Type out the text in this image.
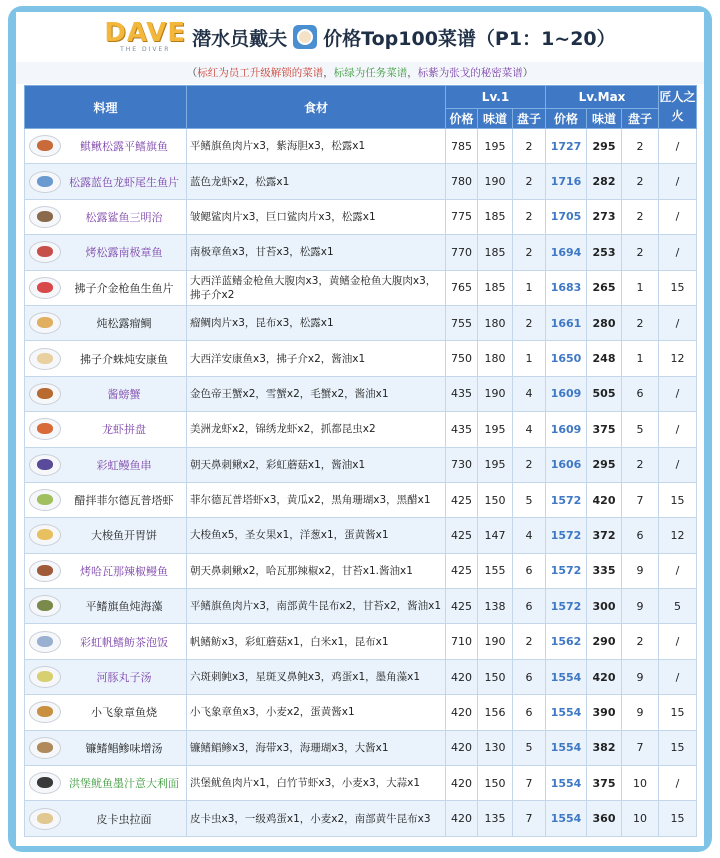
DAVE
THE DIVER 潜水员戴夫 价格Top100菜谱（P1：1~20）
（标红为员工升级解锁的菜谱，标绿为任务菜谱，标紫为张戈的秘密菜谱）
料理	食材	Lv.1			Lv.Max			匠人之火
		价格	味道	盘子	价格	味道	盘子	

鲯鳅松露平鳍旗鱼	平鳍旗鱼肉片x3，紫海胆x3，松露x1	785	195	2	1727	295	2	/

松露蓝色龙虾尾生鱼片	蓝色龙虾x2，松露x1	780	190	2	1716	282	2	/

松露鲨鱼三明治	皱鳃鲨肉片x3，巨口鲨肉片x3，松露x1	775	185	2	1705	273	2	/

烤松露南极章鱼	南极章鱼x3，甘苔x3，松露x1	770	185	2	1694	253	2	/

拂子介金枪鱼生鱼片	大西洋蓝鳍金枪鱼大腹肉x3，黄鳍金枪鱼大腹肉x3，拂子介x2	765	185	1	1683	265	1	15

炖松露瘤鲷	瘤鲷肉片x3，昆布x3，松露x1	755	180	2	1661	280	2	/

拂子介蛛炖安康鱼	大西洋安康鱼x3，拂子介x2，酱油x1	750	180	1	1650	248	1	12

酱螃蟹	金色帝王蟹x2，雪蟹x2，毛蟹x2，酱油x1	435	190	4	1609	505	6	/

龙虾拼盘	美洲龙虾x2，锦绣龙虾x2，抓都昆虫x2	435	195	4	1609	375	5	/

彩虹鳗鱼串	朝天鼻刺鳅x2，彩虹蘑菇x1，酱油x1	730	195	2	1606	295	2	/

醋拌菲尔德瓦普塔虾	菲尔德瓦普塔虾x3，黄瓜x2，黑角珊瑚x3，黑醋x1	425	150	5	1572	420	7	15

大梭鱼开胃饼	大梭鱼x5，圣女果x1，洋葱x1，蛋黄酱x1	425	147	4	1572	372	6	12

烤哈瓦那辣椒鳗鱼	朝天鼻刺鳅x2，哈瓦那辣椒x2，甘苔x1.酱油x1	425	155	6	1572	335	9	/

平鳍旗鱼炖海藻	平鳍旗鱼肉片x3，南部黄牛昆布x2，甘苔x2，酱油x1	425	138	6	1572	300	9	5

彩虹帆鳍鲂茶泡饭	帆鳍鲂x3，彩虹蘑菇x1，白米x1，昆布x1	710	190	2	1562	290	2	/

河豚丸子汤	六斑刺鲀x3，星斑叉鼻鲀x3，鸡蛋x1，墨角藻x1	420	150	6	1554	420	9	/

小飞象章鱼烧	小飞象章鱼x3，小麦x2，蛋黄酱x1	420	156	6	1554	390	9	15

镰鳍鲳鲹味增汤	镰鳍鲳鲹x3，海带x3，海珊瑚x3，大酱x1	420	130	5	1554	382	7	15

洪堡鱿鱼墨汁意大利面	洪堡鱿鱼肉片x1，白竹节虾x3，小麦x3，大蒜x1	420	150	7	1554	375	10	/

皮卡虫拉面	皮卡虫x3，一级鸡蛋x1，小麦x2，南部黄牛昆布x3	420	135	7	1554	360	10	15
